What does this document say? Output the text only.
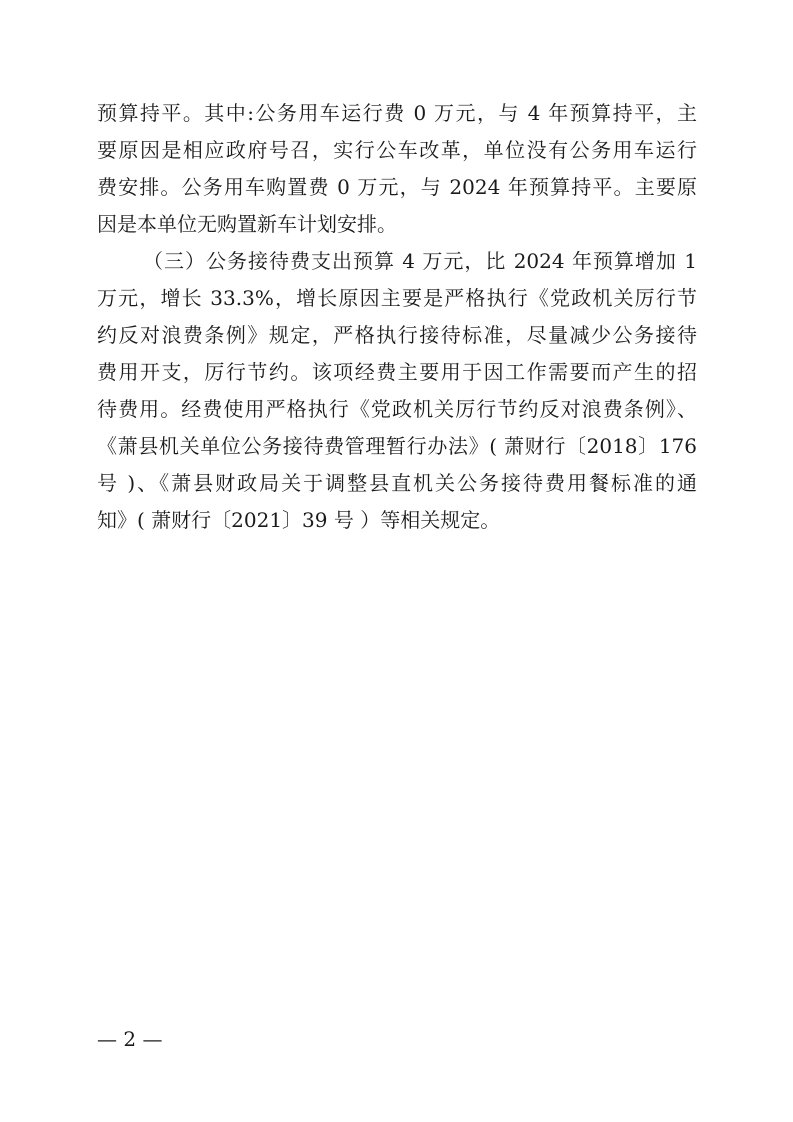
预算持平。其中:公务用车运行费 0 万元，与 4 年预算持平，主
要原因是相应政府号召，实行公车改革，单位没有公务用车运行
费安排。公务用车购置费 0 万元，与 2024 年预算持平。主要原
因是本单位无购置新车计划安排。
（三）公务接待费支出预算 4 万元，比 2024 年预算增加 1
万元，增长 33.3%，增长原因主要是严格执行《党政机关厉行节
约反对浪费条例》规定，严格执行接待标准，尽量减少公务接待
费用开支，厉行节约。该项经费主要用于因工作需要而产生的招
待费用。经费使用严格执行《党政机关厉行节约反对浪费条例》、
《萧县机关单位公务接待费管理暂行办法》( 萧财行〔2018〕176
号 )、《萧县财政局关于调整县直机关公务接待费用餐标准的通
知》( 萧财行〔2021〕39 号 ）等相关规定。
— 2 —
